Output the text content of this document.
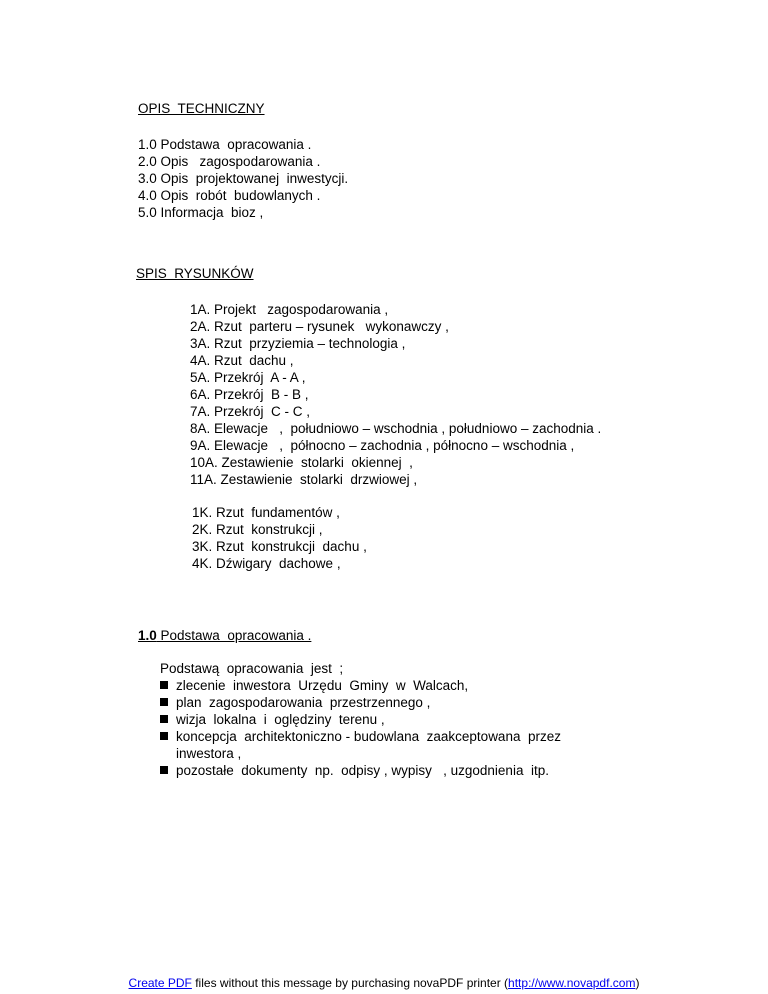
OPIS  TECHNICZNY
1.0 Podstawa  opracowania .
2.0 Opis   zagospodarowania .
3.0 Opis  projektowanej  inwestycji.
4.0 Opis  robót  budowlanych .
5.0 Informacja  bioz ,
SPIS  RYSUNKÓW
1A. Projekt   zagospodarowania ,
2A. Rzut  parteru – rysunek   wykonawczy ,
3A. Rzut  przyziemia – technologia ,
4A. Rzut  dachu ,
5A. Przekrój  A - A ,
6A. Przekrój  B - B ,
7A. Przekrój  C - C ,
8A. Elewacje   ,  południowo – wschodnia , południowo – zachodnia .
9A. Elewacje   ,  północno – zachodnia , północno – wschodnia ,
10A. Zestawienie  stolarki  okiennej  ,
11A. Zestawienie  stolarki  drzwiowej ,
1K. Rzut  fundamentów ,
2K. Rzut  konstrukcji ,
3K. Rzut  konstrukcji  dachu ,
4K. Dźwigary  dachowe ,
1.0 Podstawa  opracowania .
Podstawą  opracowania  jest  ;
zlecenie  inwestora  Urzędu  Gminy  w  Walcach,
plan  zagospodarowania  przestrzennego ,
wizja  lokalna  i  oględziny  terenu ,
koncepcja  architektoniczno - budowlana  zaakceptowana  przez
inwestora ,
pozostałe  dokumenty  np.  odpisy , wypisy   , uzgodnienia  itp.
Create PDF files without this message by purchasing novaPDF printer (http://www.novapdf.com)
